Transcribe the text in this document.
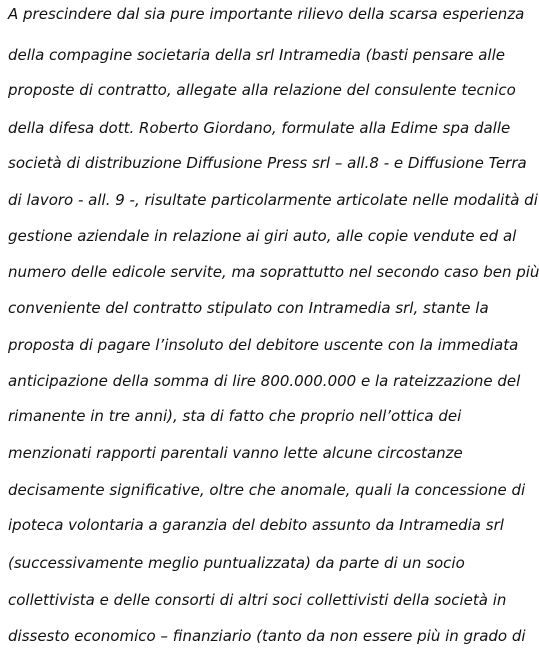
A prescindere dal sia pure importante rilievo della scarsa esperienza
della compagine societaria della srl Intramedia (basti pensare alle
proposte di contratto, allegate alla relazione del consulente tecnico
della difesa dott. Roberto Giordano, formulate alla Edime spa dalle
società di distribuzione Diffusione Press srl – all.8 - e Diffusione Terra
di lavoro - all. 9 -, risultate particolarmente articolate nelle modalità di
gestione aziendale in relazione ai giri auto, alle copie vendute ed al
numero delle edicole servite, ma soprattutto nel secondo caso ben più
conveniente del contratto stipulato con Intramedia srl, stante la
proposta di pagare l’insoluto del debitore uscente con la immediata
anticipazione della somma di lire 800.000.000 e la rateizzazione del
rimanente in tre anni), sta di fatto che proprio nell’ottica dei
menzionati rapporti parentali vanno lette alcune circostanze
decisamente significative, oltre che anomale, quali la concessione di
ipoteca volontaria a garanzia del debito assunto da Intramedia srl
(successivamente meglio puntualizzata) da parte di un socio
collettivista e delle consorti di altri soci collettivisti della società in
dissesto economico – finanziario (tanto da non essere più in grado di
